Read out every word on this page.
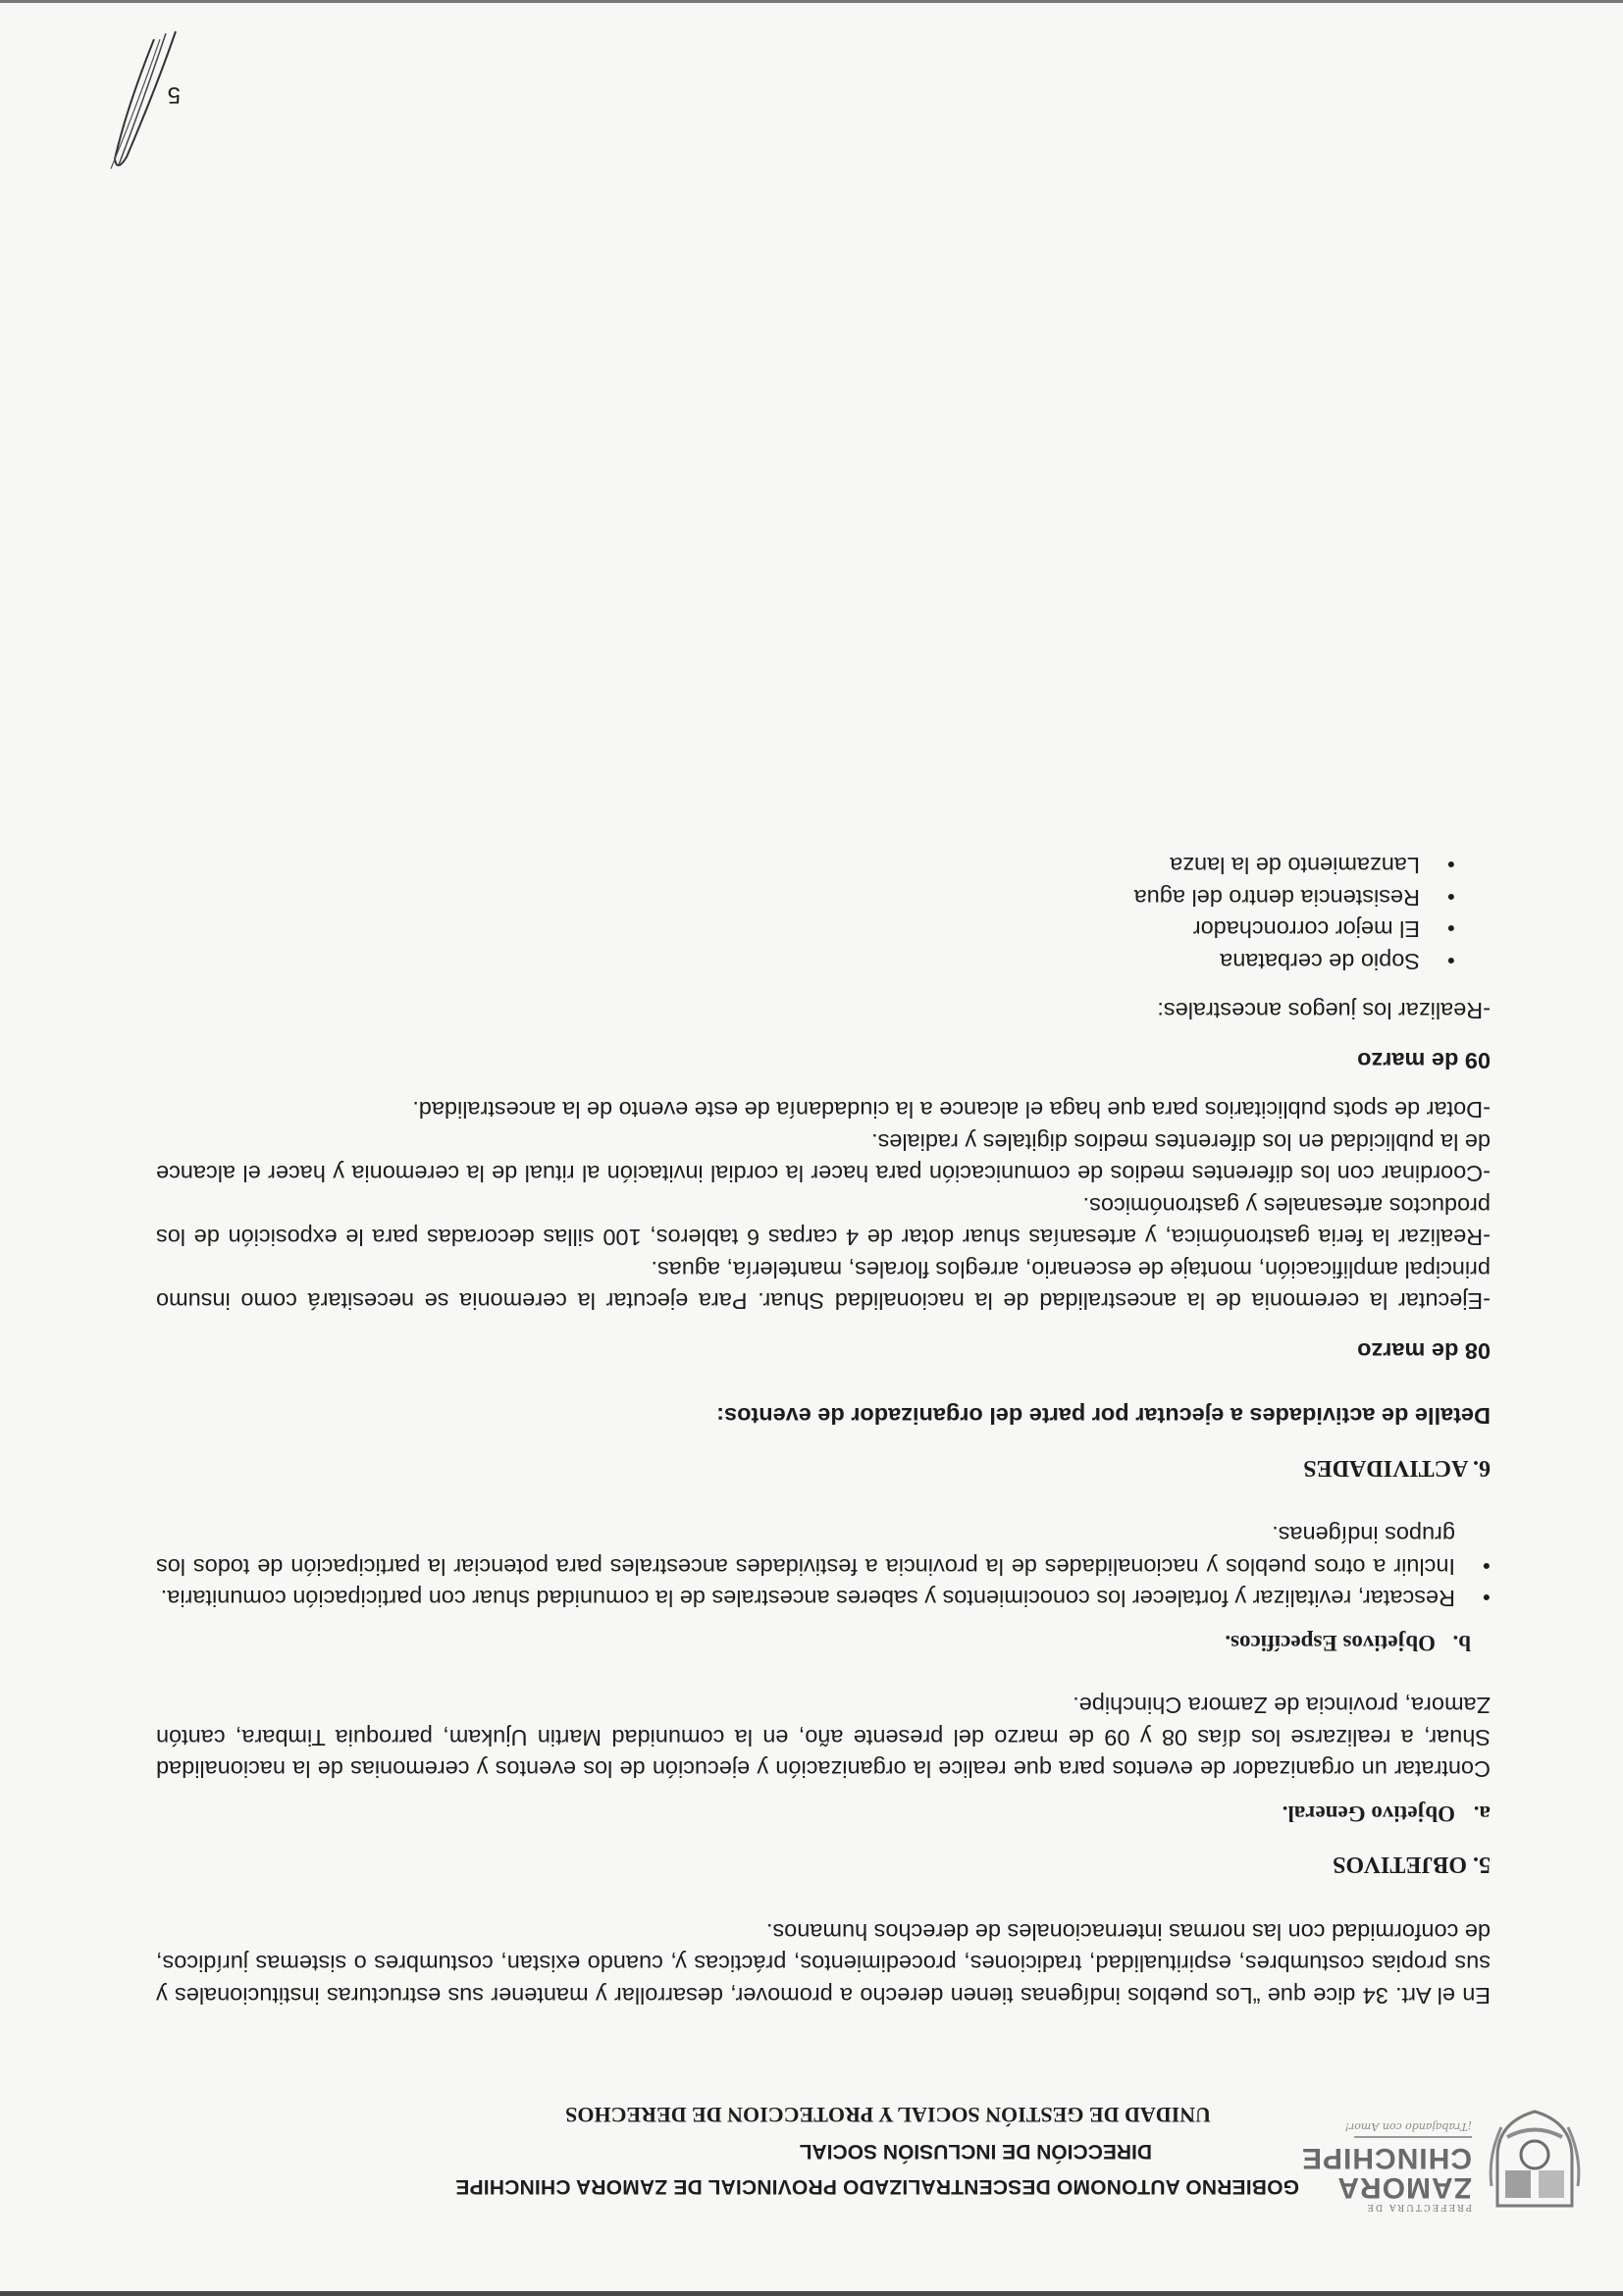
PREFECTURA DE
ZAMORA
CHINCHIPE
¡Trabajando con Amor!
GOBIERNO AUTONOMO DESCENTRALIZADO PROVINCIAL DE ZAMORA CHINCHIPE
DIRECCIÓN DE INCLUSIÓN SOCIAL
UNIDAD DE GESTIÓN SOCIAL Y PROTECCION DE DERECHOS

En el Art. 34 dice que “Los pueblos indígenas tienen derecho a promover, desarrollar y mantener sus estructuras institucionales y sus propias costumbres, espiritualidad, tradiciones, procedimientos, prácticas y, cuando existan, costumbres o sistemas jurídicos, de conformidad con las normas internacionales de derechos humanos.

5. OBJETIVOS
a.Objetivo General.

Contratar un organizador de eventos para que realice la organización y ejecución de los eventos y ceremonias de la nacionalidad Shuar, a realizarse los días 08 y 09 de marzo del presente año, en la comunidad Martin Ujukam, parroquia Timbara, cantón Zamora, provincia de Zamora Chinchipe.

b.Objetivos Específicos.
● Rescatar, revitalizar y fortalecer los conocimientos y saberes ancestrales de la comunidad shuar con participación comunitaria.
● Incluir a otros pueblos y nacionalidades de la provincia a festividades ancestrales para potenciar la participación de todos los grupos indígenas.
6. ACTIVIDADES

Detalle de actividades a ejecutar por parte del organizador de eventos:

08 de marzo

-Ejecutar la ceremonia de la ancestralidad de la nacionalidad Shuar. Para ejecutar la ceremonia se necesitará como insumo principal amplificación, montaje de escenario, arreglos florales, mantelería, aguas.

-Realizar la feria gastronómica, y artesanías shuar dotar de 4 carpas 6 tableros, 100 sillas decoradas para le exposición de los productos artesanales y gastronómicos.

-Coordinar con los diferentes medios de comunicación para hacer la cordial invitación al ritual de la ceremonia y hacer el alcance de la publicidad en los diferentes medios digitales y radiales.

-Dotar de spots publicitarios para que haga el alcance a la ciudadanía de este evento de la ancestralidad.

09 de marzo

-Realizar los juegos ancestrales:

● Sopio de cerbatana
● El mejor corronchador
● Resistencia dentro del agua
● Lanzamiento de la lanza
5
